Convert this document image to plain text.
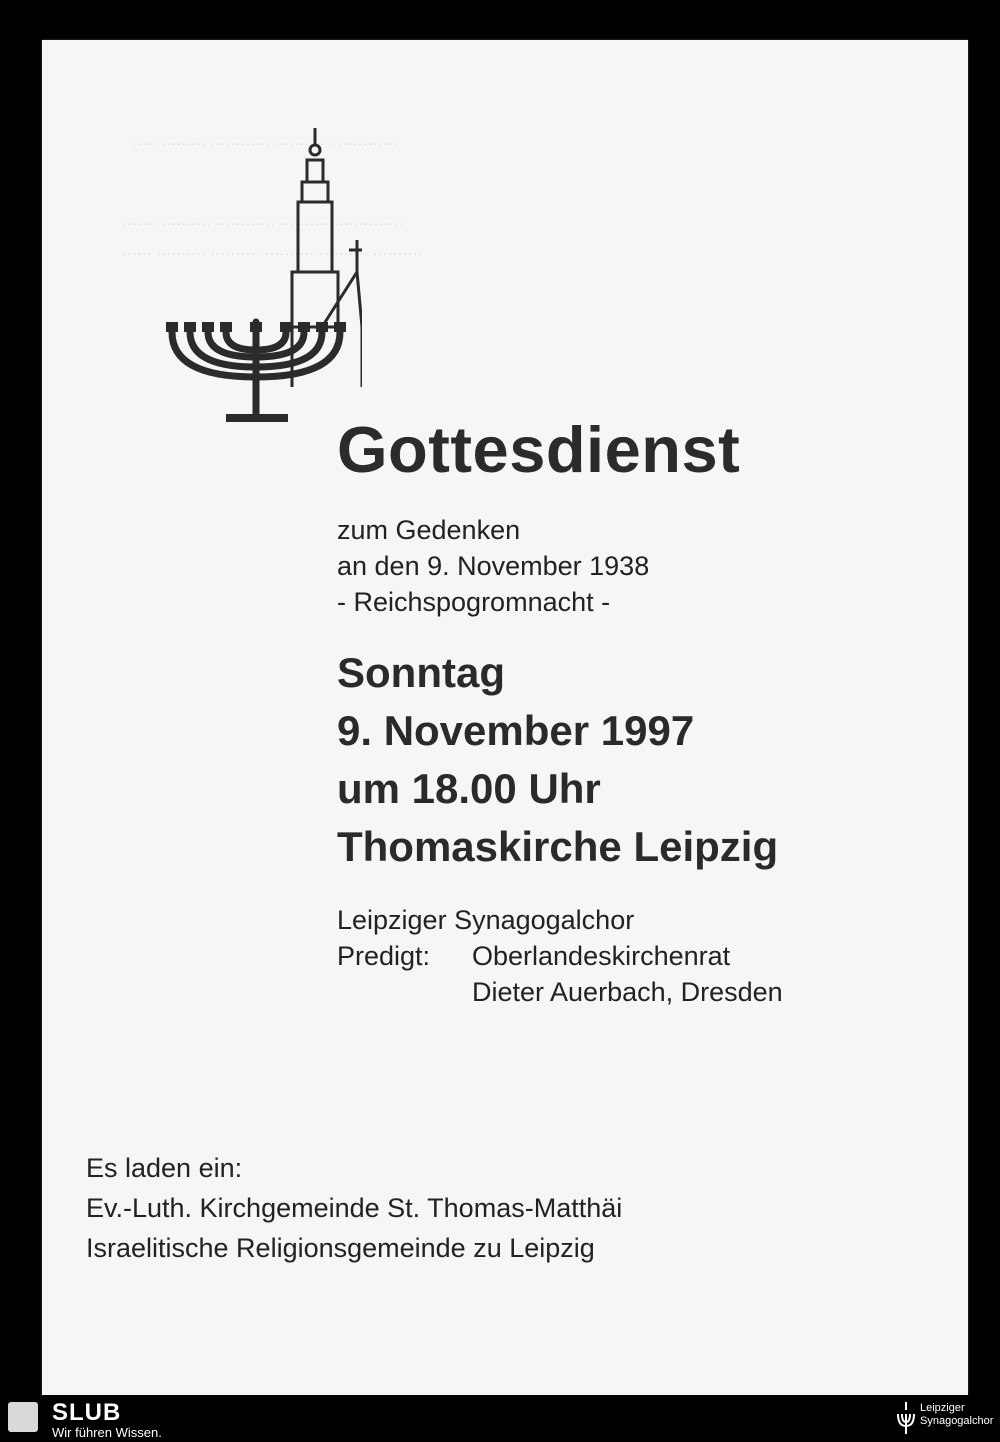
············ · ·········· ············ ·········· ····
·············· ·········· ············ ·········· ·······
·········· ·········· ·········· ·········· ·········· ······
Gottesdienst
zum Gedenken
an den 9. November 1938
- Reichspogromnacht -
Sonntag
9. November 1997
um 18.00 Uhr
Thomaskirche Leipzig
Leipziger Synagogalchor
Predigt:	Oberlandeskirchenrat
Dieter Auerbach, Dresden
Es laden ein:
Ev.-Luth. Kirchgemeinde St. Thomas-Matthäi
Israelitische Religionsgemeinde zu Leipzig
SLUB
Wir führen Wissen.
Leipziger
Synagogalchor
